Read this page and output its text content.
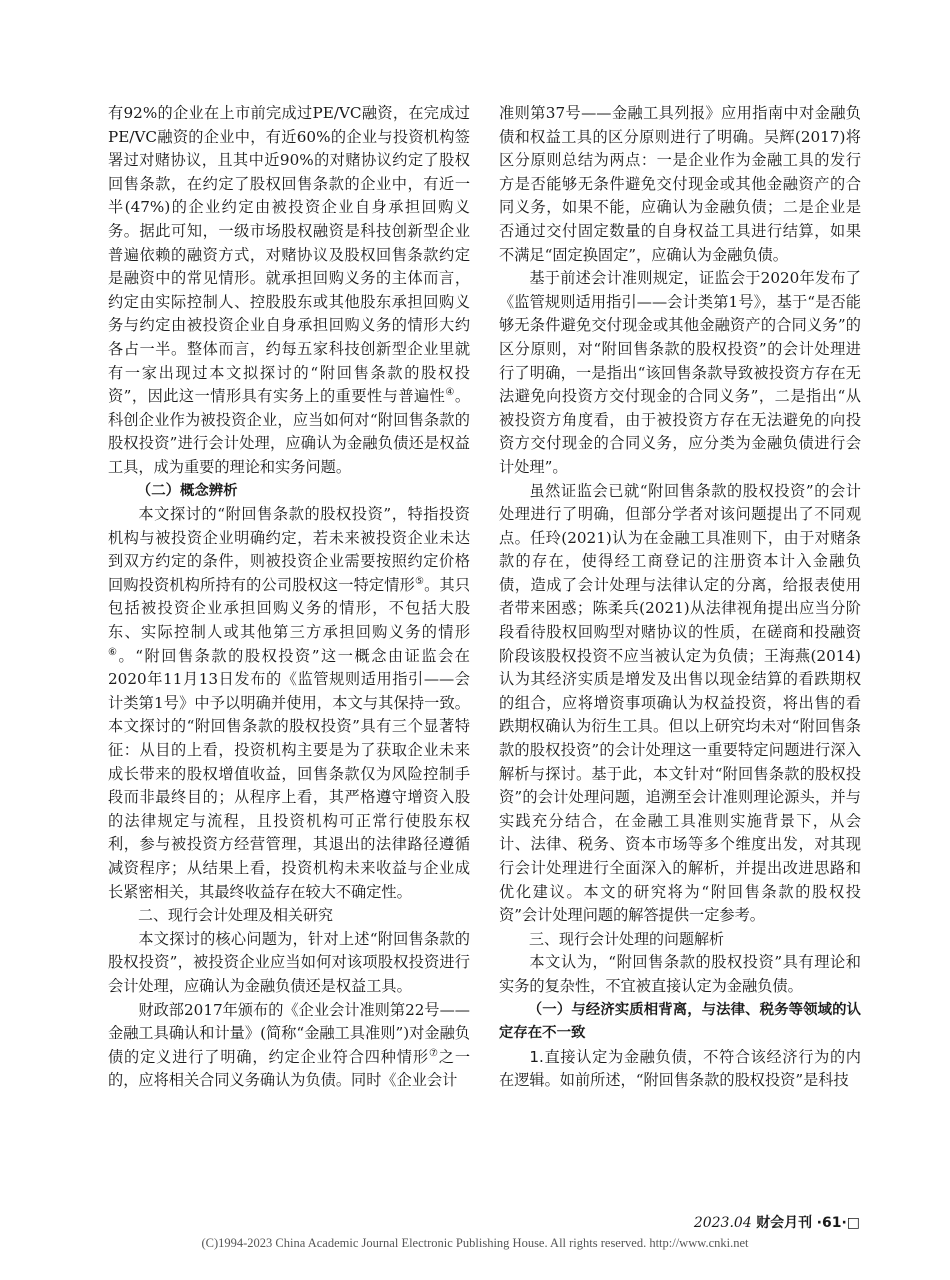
有92%的企业在上市前完成过PE/VC融资，在完成过PE/VC融资的企业中，有近60%的企业与投资机构签署过对赌协议，且其中近90%的对赌协议约定了股权回售条款，在约定了股权回售条款的企业中，有近一半(47%)的企业约定由被投资企业自身承担回购义务。据此可知，一级市场股权融资是科技创新型企业普遍依赖的融资方式，对赌协议及股权回售条款约定是融资中的常见情形。就承担回购义务的主体而言，约定由实际控制人、控股股东或其他股东承担回购义务与约定由被投资企业自身承担回购义务的情形大约各占一半。整体而言，约每五家科技创新型企业里就有一家出现过本文拟探讨的“附回售条款的股权投资”，因此这一情形具有实务上的重要性与普遍性④。科创企业作为被投资企业，应当如何对“附回售条款的股权投资”进行会计处理，应确认为金融负债还是权益工具，成为重要的理论和实务问题。

（二）概念辨析

本文探讨的“附回售条款的股权投资”，特指投资机构与被投资企业明确约定，若未来被投资企业未达到双方约定的条件，则被投资企业需要按照约定价格回购投资机构所持有的公司股权这一特定情形⑤。其只包括被投资企业承担回购义务的情形，不包括大股东、实际控制人或其他第三方承担回购义务的情形⑥。“附回售条款的股权投资”这一概念由证监会在2020年11月13日发布的《监管规则适用指引——会计类第1号》中予以明确并使用，本文与其保持一致。本文探讨的“附回售条款的股权投资”具有三个显著特征：从目的上看，投资机构主要是为了获取企业未来成长带来的股权增值收益，回售条款仅为风险控制手段而非最终目的；从程序上看，其严格遵守增资入股的法律规定与流程，且投资机构可正常行使股东权利，参与被投资方经营管理，其退出的法律路径遵循减资程序；从结果上看，投资机构未来收益与企业成长紧密相关，其最终收益存在较大不确定性。

二、现行会计处理及相关研究

本文探讨的核心问题为，针对上述“附回售条款的股权投资”，被投资企业应当如何对该项股权投资进行会计处理，应确认为金融负债还是权益工具。

财政部2017年颁布的《企业会计准则第22号——金融工具确认和计量》(简称“金融工具准则”)对金融负债的定义进行了明确，约定企业符合四种情形⑦之一的，应将相关合同义务确认为负债。同时《企业会计

准则第37号——金融工具列报》应用指南中对金融负债和权益工具的区分原则进行了明确。吴辉(2017)将区分原则总结为两点：一是企业作为金融工具的发行方是否能够无条件避免交付现金或其他金融资产的合同义务，如果不能，应确认为金融负债；二是企业是否通过交付固定数量的自身权益工具进行结算，如果不满足“固定换固定”，应确认为金融负债。

基于前述会计准则规定，证监会于2020年发布了《监管规则适用指引——会计类第1号》，基于“是否能够无条件避免交付现金或其他金融资产的合同义务”的区分原则，对“附回售条款的股权投资”的会计处理进行了明确，一是指出“该回售条款导致被投资方存在无法避免向投资方交付现金的合同义务”，二是指出“从被投资方角度看，由于被投资方存在无法避免的向投资方交付现金的合同义务，应分类为金融负债进行会计处理”。

虽然证监会已就“附回售条款的股权投资”的会计处理进行了明确，但部分学者对该问题提出了不同观点。任玲(2021)认为在金融工具准则下，由于对赌条款的存在，使得经工商登记的注册资本计入金融负债，造成了会计处理与法律认定的分离，给报表使用者带来困惑；陈柔兵(2021)从法律视角提出应当分阶段看待股权回购型对赌协议的性质，在磋商和投融资阶段该股权投资不应当被认定为负债；王海燕(2014)认为其经济实质是增发及出售以现金结算的看跌期权的组合，应将增资事项确认为权益投资，将出售的看跌期权确认为衍生工具。但以上研究均未对“附回售条款的股权投资”的会计处理这一重要特定问题进行深入解析与探讨。基于此，本文针对“附回售条款的股权投资”的会计处理问题，追溯至会计准则理论源头，并与实践充分结合，在金融工具准则实施背景下，从会计、法律、税务、资本市场等多个维度出发，对其现行会计处理进行全面深入的解析，并提出改进思路和优化建议。本文的研究将为“附回售条款的股权投资”会计处理问题的解答提供一定参考。

三、现行会计处理的问题解析

本文认为，“附回售条款的股权投资”具有理论和实务的复杂性，不宜被直接认定为金融负债。

（一）与经济实质相背离，与法律、税务等领域的认定存在不一致

1.直接认定为金融负债，不符合该经济行为的内在逻辑。如前所述，“附回售条款的股权投资”是科技

2023.04 财会月刊 ·61·□
(C)1994-2023 China Academic Journal Electronic Publishing House. All rights reserved. http://www.cnki.net
